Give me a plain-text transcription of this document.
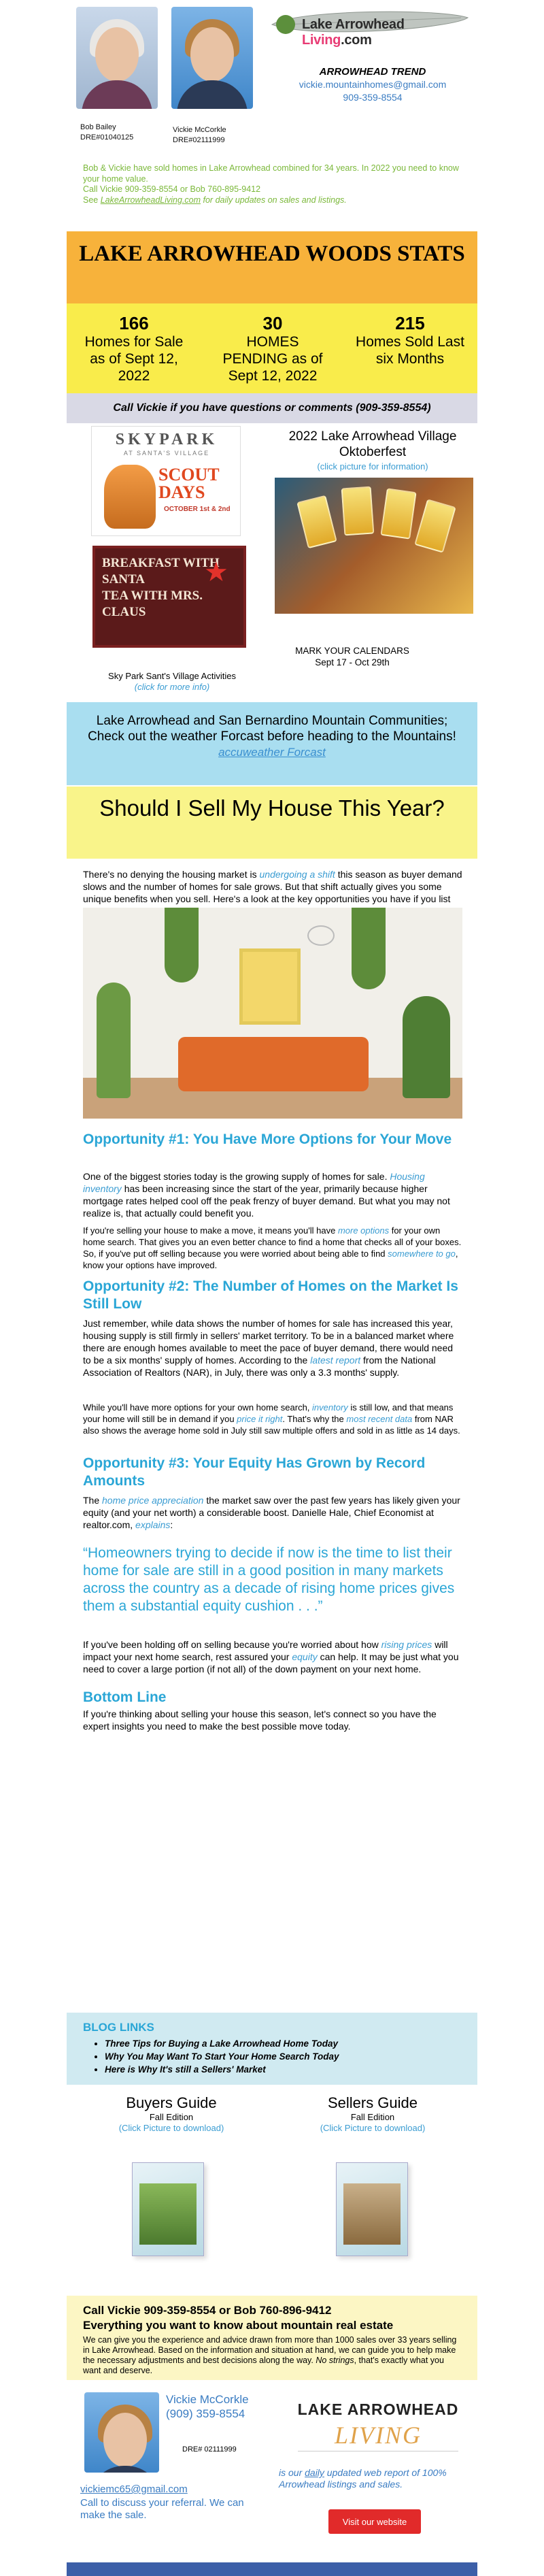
Bob Bailey
DRE#01040125
Vickie McCorkle
DRE#02111999
Lake Arrowhead Living.com
ARROWHEAD TREND
vickie.mountainhomes@gmail.com
909-359-8554
Bob & Vickie have sold homes in Lake Arrowhead combined for 34 years. In 2022 you need to know your home value.
Call Vickie 909-359-8554 or Bob 760-895-9412
See LakeArrowheadLiving.com for daily updates on sales and listings.
LAKE ARROWHEAD WOODS STATS
166
Homes for Sale as of Sept 12, 2022
30
HOMES PENDING as of Sept 12, 2022
215
Homes Sold Last six Months
Call Vickie if you have questions or comments (909-359-8554)
SKYPARK
AT SANTA'S VILLAGE
SCOUT DAYS
OCTOBER 1st & 2nd
BREAKFAST WITH SANTA
TEA WITH MRS. CLAUS
★
Sky Park Sant's Village Activities
(click for more info)
2022 Lake Arrowhead Village Oktoberfest
(click picture for information)
MARK YOUR CALENDARS
Sept 17 - Oct 29th
Lake Arrowhead and San Bernardino Mountain Communities; Check out the weather Forcast before heading to the Mountains!
accuweather Forcast
Should I Sell My House This Year?
There's no denying the housing market is undergoing a shift this season as buyer demand slows and the number of homes for sale grows. But that shift actually gives you some unique benefits when you sell. Here's a look at the key opportunities you have if you list
Opportunity #1: You Have More Options for Your Move
One of the biggest stories today is the growing supply of homes for sale. Housing inventory has been increasing since the start of the year, primarily because higher mortgage rates helped cool off the peak frenzy of buyer demand. But what you may not realize is, that actually could benefit you.
If you're selling your house to make a move, it means you'll have more options for your own home search. That gives you an even better chance to find a home that checks all of your boxes. So, if you've put off selling because you were worried about being able to find somewhere to go, know your options have improved.
Opportunity #2: The Number of Homes on the Market Is Still Low
Just remember, while data shows the number of homes for sale has increased this year, housing supply is still firmly in sellers' market territory. To be in a balanced market where there are enough homes available to meet the pace of buyer demand, there would need to be a six months' supply of homes. According to the latest report from the National Association of Realtors (NAR), in July, there was only a 3.3 months' supply.
While you'll have more options for your own home search, inventory is still low, and that means your home will still be in demand if you price it right. That's why the most recent data from NAR also shows the average home sold in July still saw multiple offers and sold in as little as 14 days.
Opportunity #3: Your Equity Has Grown by Record Amounts
The home price appreciation the market saw over the past few years has likely given your equity (and your net worth) a considerable boost. Danielle Hale, Chief Economist at realtor.com, explains:
“Homeowners trying to decide if now is the time to list their home for sale are still in a good position in many markets across the country as a decade of rising home prices gives them a substantial equity cushion . . .”
If you've been holding off on selling because you're worried about how rising prices will impact your next home search, rest assured your equity can help. It may be just what you need to cover a large portion (if not all) of the down payment on your next home.
Bottom Line
If you're thinking about selling your house this season, let's connect so you have the expert insights you need to make the best possible move today.
BLOG LINKS
• Three Tips for Buying a Lake Arrowhead Home Today
• Why You May Want To Start Your Home Search Today
• Here is Why It's still a Sellers' Market
Buyers Guide
Fall Edition
(Click Picture to download)
Sellers Guide
Fall Edition
(Click Picture to download)
Call Vickie 909-359-8554 or Bob 760-896-9412
Everything you want to know about mountain real estate
We can give you the experience and advice drawn from more than 1000 sales over 33 years selling in Lake Arrowhead. Based on the information and situation at hand, we can guide you to help make the necessary adjustments and best decisions along the way. No strings, that's exactly what you want and deserve.
Vickie McCorkle
(909) 359-8554
DRE# 02111999
vickiemc65@gmail.com
Call to discuss your referral. We can make the sale.
LAKE ARROWHEAD
LIVING
is our daily updated web report of 100% Arrowhead listings and sales.
Visit our website
